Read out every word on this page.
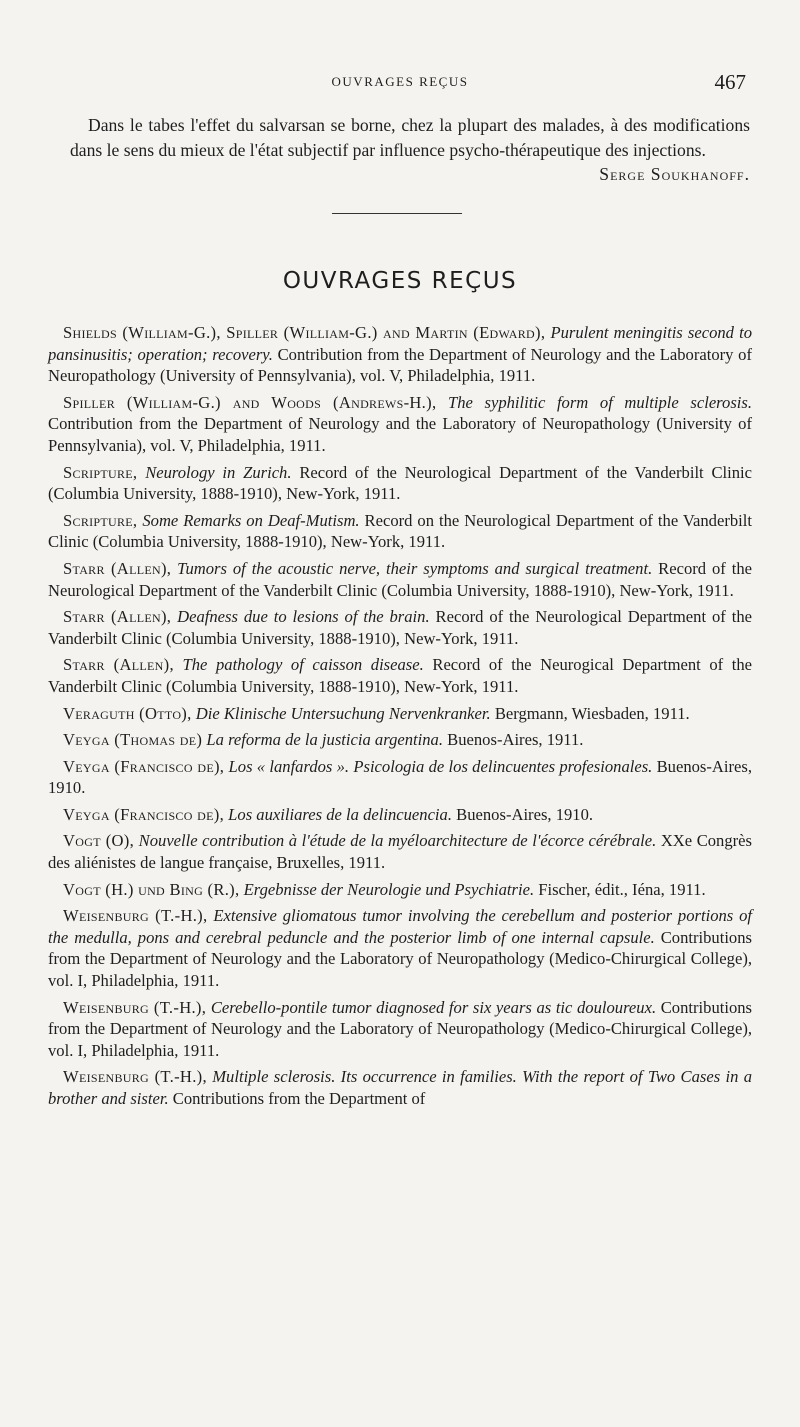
OUVRAGES REÇUS	467

Dans le tabes l'effet du salvarsan se borne, chez la plupart des malades, à des modifications dans le sens du mieux de l'état subjectif par influence psycho-thérapeutique des injections.
Serge Soukhanoff.

OUVRAGES REÇUS

Shields (William-G.), Spiller (William-G.) and Martin (Edward), Purulent meningitis second to pansinusitis; operation; recovery. Contribution from the Department of Neurology and the Laboratory of Neuropathology (University of Pennsylvania), vol. V, Philadelphia, 1911.

Spiller (William-G.) and Woods (Andrews-H.), The syphilitic form of multiple sclerosis. Contribution from the Department of Neurology and the Laboratory of Neuropathology (University of Pennsylvania), vol. V, Philadelphia, 1911.

Scripture, Neurology in Zurich. Record of the Neurological Department of the Vanderbilt Clinic (Columbia University, 1888-1910), New-York, 1911.

Scripture, Some Remarks on Deaf-Mutism. Record on the Neurological Department of the Vanderbilt Clinic (Columbia University, 1888-1910), New-York, 1911.

Starr (Allen), Tumors of the acoustic nerve, their symptoms and surgical treatment. Record of the Neurological Department of the Vanderbilt Clinic (Columbia University, 1888-1910), New-York, 1911.

Starr (Allen), Deafness due to lesions of the brain. Record of the Neurological Department of the Vanderbilt Clinic (Columbia University, 1888-1910), New-York, 1911.

Starr (Allen), The pathology of caisson disease. Record of the Neurogical Department of the Vanderbilt Clinic (Columbia University, 1888-1910), New-York, 1911.

Veraguth (Otto), Die Klinische Untersuchung Nervenkranker. Bergmann, Wiesbaden, 1911.

Veyga (Thomas de) La reforma de la justicia argentina. Buenos-Aires, 1911.

Veyga (Francisco de), Los « lanfardos ». Psicologia de los delincuentes profesionales. Buenos-Aires, 1910.

Veyga (Francisco de), Los auxiliares de la delincuencia. Buenos-Aires, 1910.

Vogt (O), Nouvelle contribution à l'étude de la myéloarchitecture de l'écorce cérébrale. XXe Congrès des aliénistes de langue française, Bruxelles, 1911.

Vogt (H.) und Bing (R.), Ergebnisse der Neurologie und Psychiatrie. Fischer, édit., Iéna, 1911.

Weisenburg (T.-H.), Extensive gliomatous tumor involving the cerebellum and posterior portions of the medulla, pons and cerebral peduncle and the posterior limb of one internal capsule. Contributions from the Department of Neurology and the Laboratory of Neuropathology (Medico-Chirurgical College), vol. I, Philadelphia, 1911.

Weisenburg (T.-H.), Cerebello-pontile tumor diagnosed for six years as tic douloureux. Contributions from the Department of Neurology and the Laboratory of Neuropathology (Medico-Chirurgical College), vol. I, Philadelphia, 1911.

Weisenburg (T.-H.), Multiple sclerosis. Its occurrence in families. With the report of Two Cases in a brother and sister. Contributions from the Department of
